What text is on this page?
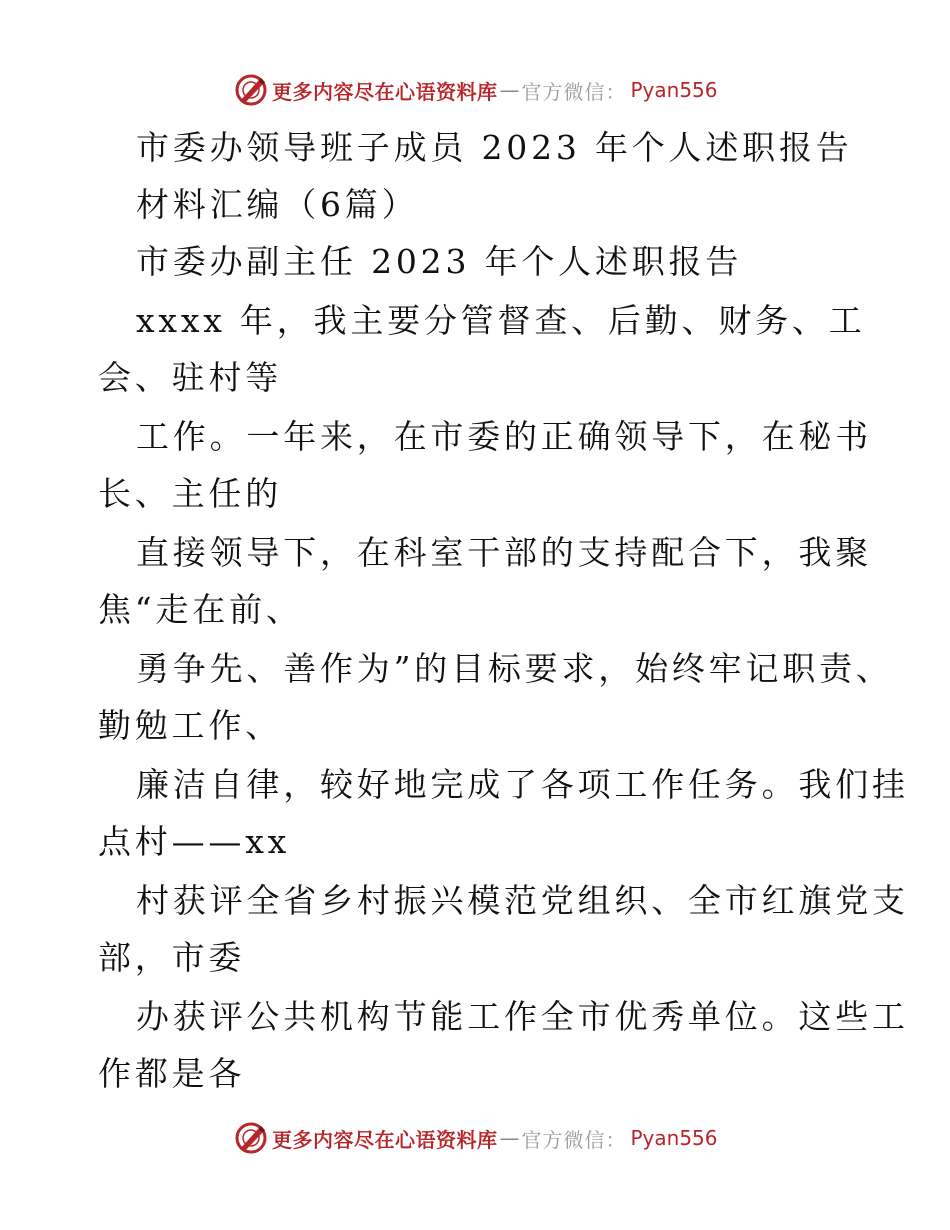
更多内容尽在心语资料库 — 官方微信： Pyan556
市委办领导班子成员 2023 年个人述职报告
材料汇编（6篇）
市委办副主任 2023 年个人述职报告
xxxx 年，我主要分管督查、后勤、财务、工
会、驻村等
工作。一年来，在市委的正确领导下，在秘书
长、主任的
直接领导下，在科室干部的支持配合下，我聚
焦“走在前、
勇争先、善作为”的目标要求，始终牢记职责、
勤勉工作、
廉洁自律，较好地完成了各项工作任务。我们挂
点村——xx
村获评全省乡村振兴模范党组织、全市红旗党支
部，市委
办获评公共机构节能工作全市优秀单位。这些工
作都是各
更多内容尽在心语资料库 — 官方微信： Pyan556
